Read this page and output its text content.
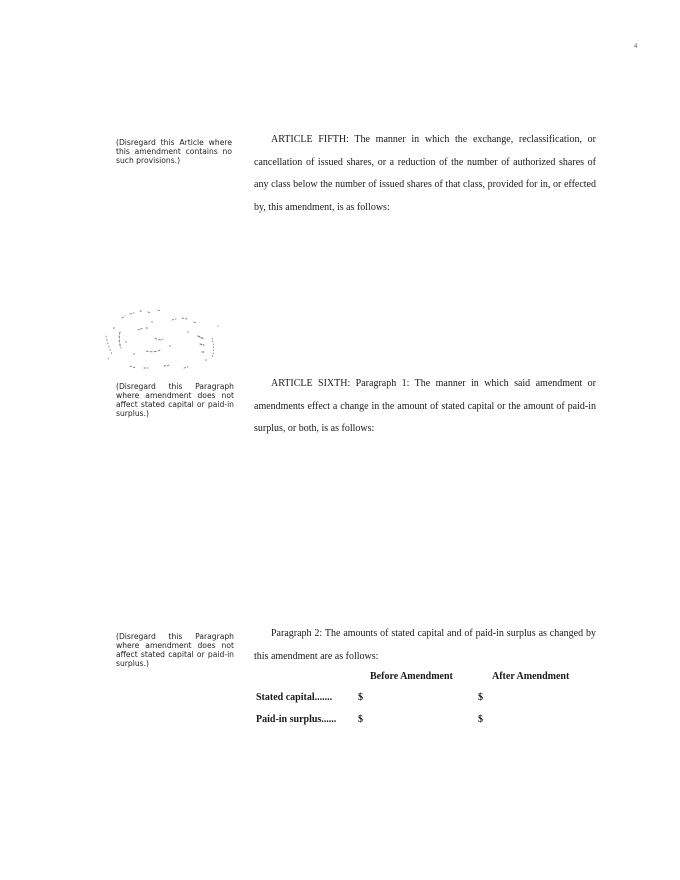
4
(Disregard this Article where this amendment contains no such provisions.)
ARTICLE FIFTH: The manner in which the exchange, reclassification, or cancellation of issued shares, or a reduction of the number of authorized shares of any class below the number of issued shares of that class, provided for in, or effected by, this amendment, is as follows:
(Disregard this Paragraph where amendment does not affect stated capital or paid-in surplus.)
ARTICLE SIXTH: Paragraph 1: The manner in which said amendment or amendments effect a change in the amount of stated capital or the amount of paid-in surplus, or both, is as follows:
(Disregard this Paragraph where amendment does not affect stated capital or paid-in surplus.)
Paragraph 2: The amounts of stated capital and of paid-in surplus as changed by this amendment are as follows:
Before Amendment	After Amendment
Stated capital.......	$	$
Paid-in surplus...... $	$
